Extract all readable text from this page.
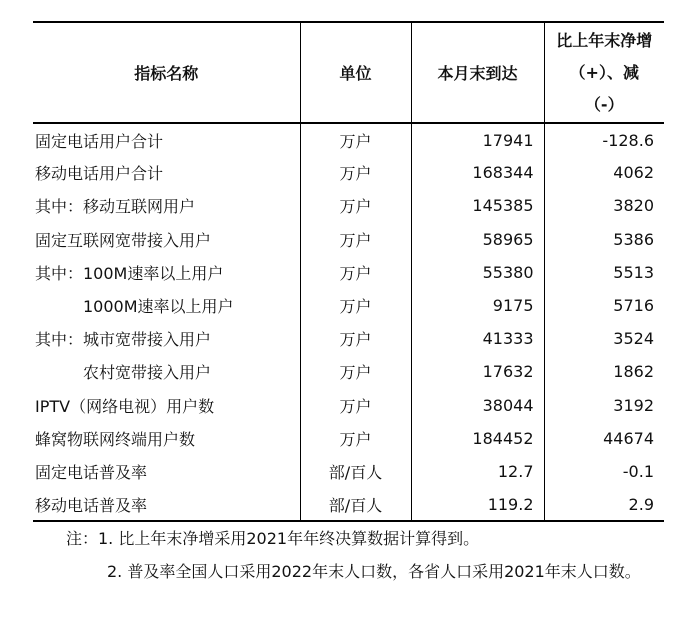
指标名称	单位	本月末到达	比上年末净增
（+）、减
（-）

固定电话用户合计	万户	17941	-128.6
移动电话用户合计	万户	168344	4062
其中：移动互联网用户	万户	145385	3820
固定互联网宽带接入用户	万户	58965	5386
其中：100M速率以上用户	万户	55380	5513
1000M速率以上用户	万户	9175	5716
其中：城市宽带接入用户	万户	41333	3524
农村宽带接入用户	万户	17632	1862
IPTV（网络电视）用户数	万户	38044	3192
蜂窝物联网终端用户数	万户	184452	44674
固定电话普及率	部/百人	12.7	-0.1
移动电话普及率	部/百人	119.2	2.9
注：1. 比上年末净增采用2021年年终决算数据计算得到。
2. 普及率全国人口采用2022年末人口数，各省人口采用2021年末人口数。
